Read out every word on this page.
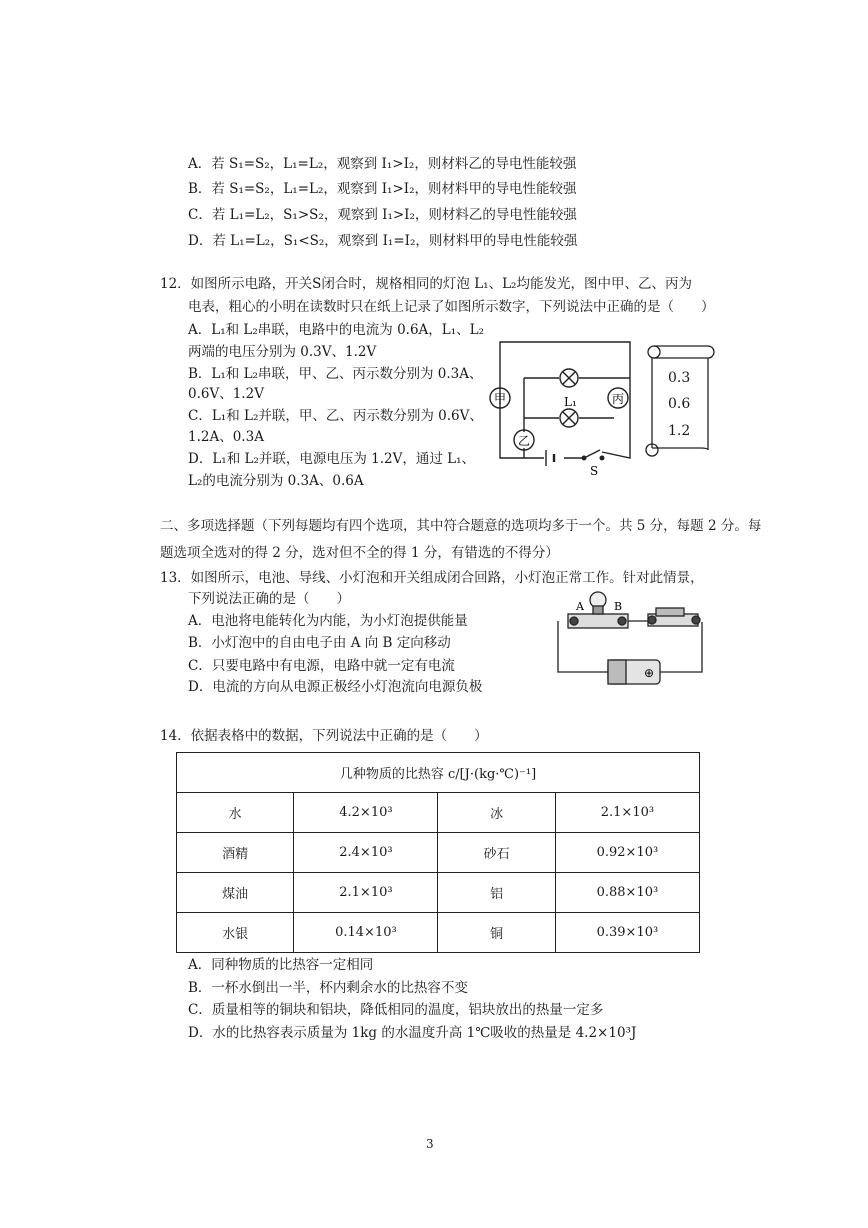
A．若 S₁=S₂，L₁=L₂，观察到 I₁>I₂，则材料乙的导电性能较强
B．若 S₁=S₂，L₁=L₂，观察到 I₁>I₂，则材料甲的导电性能较强
C．若 L₁=L₂，S₁>S₂，观察到 I₁>I₂，则材料乙的导电性能较强
D．若 L₁=L₂，S₁<S₂，观察到 I₁=I₂，则材料甲的导电性能较强
12．如图所示电路，开关S闭合时，规格相同的灯泡 L₁、L₂均能发光，图中甲、乙、丙为
电表，粗心的小明在读数时只在纸上记录了如图所示数字，下列说法中正确的是（　　）
A．L₁和 L₂串联，电路中的电流为 0.6A，L₁、L₂
两端的电压分别为 0.3V、1.2V
B．L₁和 L₂串联，甲、乙、丙示数分别为 0.3A、
0.6V、1.2V
C．L₁和 L₂并联，甲、乙、丙示数分别为 0.6V、
1.2A、0.3A
D．L₁和 L₂并联，电源电压为 1.2V，通过 L₁、
L₂的电流分别为 0.3A、0.6A
甲
乙
丙
L₁
S
0.3
0.6
1.2
二、多项选择题（下列每题均有四个选项，其中符合题意的选项均多于一个。共 5 分，每题 2 分。每
题选项全选对的得 2 分，选对但不全的得 1 分，有错选的不得分）
13．如图所示，电池、导线、小灯泡和开关组成闭合回路，小灯泡正常工作。针对此情景，
下列说法正确的是（　　）
A．电池将电能转化为内能，为小灯泡提供能量
B．小灯泡中的自由电子由 A 向 B 定向移动
C．只要电路中有电源，电路中就一定有电流
D．电流的方向从电源正极经小灯泡流向电源负极
A	B
⊕
14．依据表格中的数据，下列说法中正确的是（　　）
几种物质的比热容 c/[J·(kg·℃)⁻¹]			
水	4.2×10³	冰	2.1×10³
酒精	2.4×10³	砂石	0.92×10³
煤油	2.1×10³	铝	0.88×10³
水银	0.14×10³	铜	0.39×10³
A．同种物质的比热容一定相同
B．一杯水倒出一半，杯内剩余水的比热容不变
C．质量相等的铜块和铝块，降低相同的温度，铝块放出的热量一定多
D．水的比热容表示质量为 1kg 的水温度升高 1℃吸收的热量是 4.2×10³J
3
